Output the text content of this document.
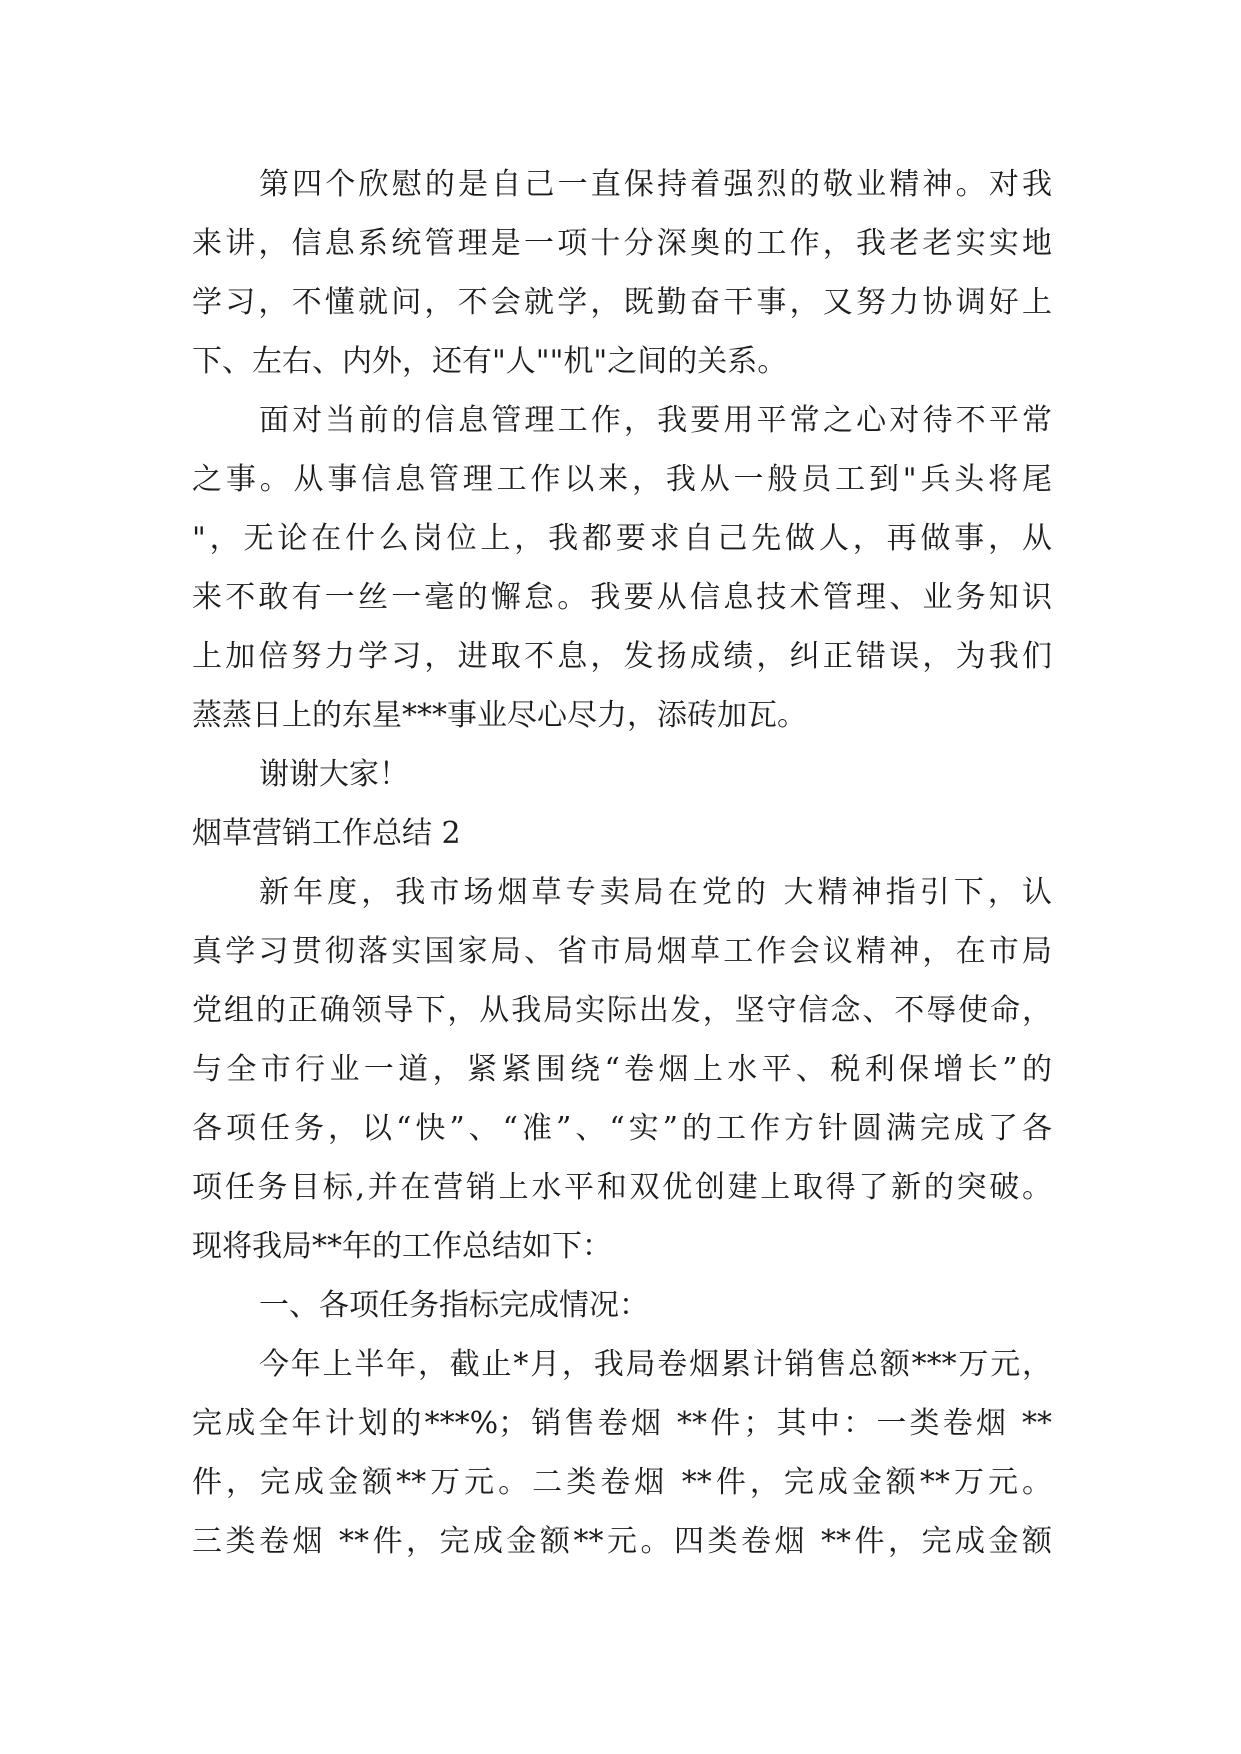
第四个欣慰的是自己一直保持着强烈的敬业精神。对我
来讲，信息系统管理是一项十分深奥的工作，我老老实实地
学习，不懂就问，不会就学，既勤奋干事，又努力协调好上
下、左右、内外，还有"人""机"之间的关系。
面对当前的信息管理工作，我要用平常之心对待不平常
之事。从事信息管理工作以来，我从一般员工到"兵头将尾
"，无论在什么岗位上，我都要求自己先做人，再做事，从
来不敢有一丝一毫的懈怠。我要从信息技术管理、业务知识
上加倍努力学习，进取不息，发扬成绩，纠正错误，为我们
蒸蒸日上的东星***事业尽心尽力，添砖加瓦。
谢谢大家！
烟草营销工作总结 2
新年度，我市场烟草专卖局在党的 大精神指引下，认
真学习贯彻落实国家局、省市局烟草工作会议精神，在市局
党组的正确领导下，从我局实际出发，坚守信念、不辱使命，
与全市行业一道，紧紧围绕“卷烟上水平、税利保增长”的
各项任务，以“快”、“准”、“实”的工作方针圆满完成了各
项任务目标,并在营销上水平和双优创建上取得了新的突破。
现将我局**年的工作总结如下：
一、各项任务指标完成情况：
今年上半年，截止*月，我局卷烟累计销售总额***万元，
完成全年计划的***%；销售卷烟 **件；其中：一类卷烟 **
件，完成金额**万元。二类卷烟 **件，完成金额**万元。
三类卷烟 **件，完成金额**元。四类卷烟 **件，完成金额
